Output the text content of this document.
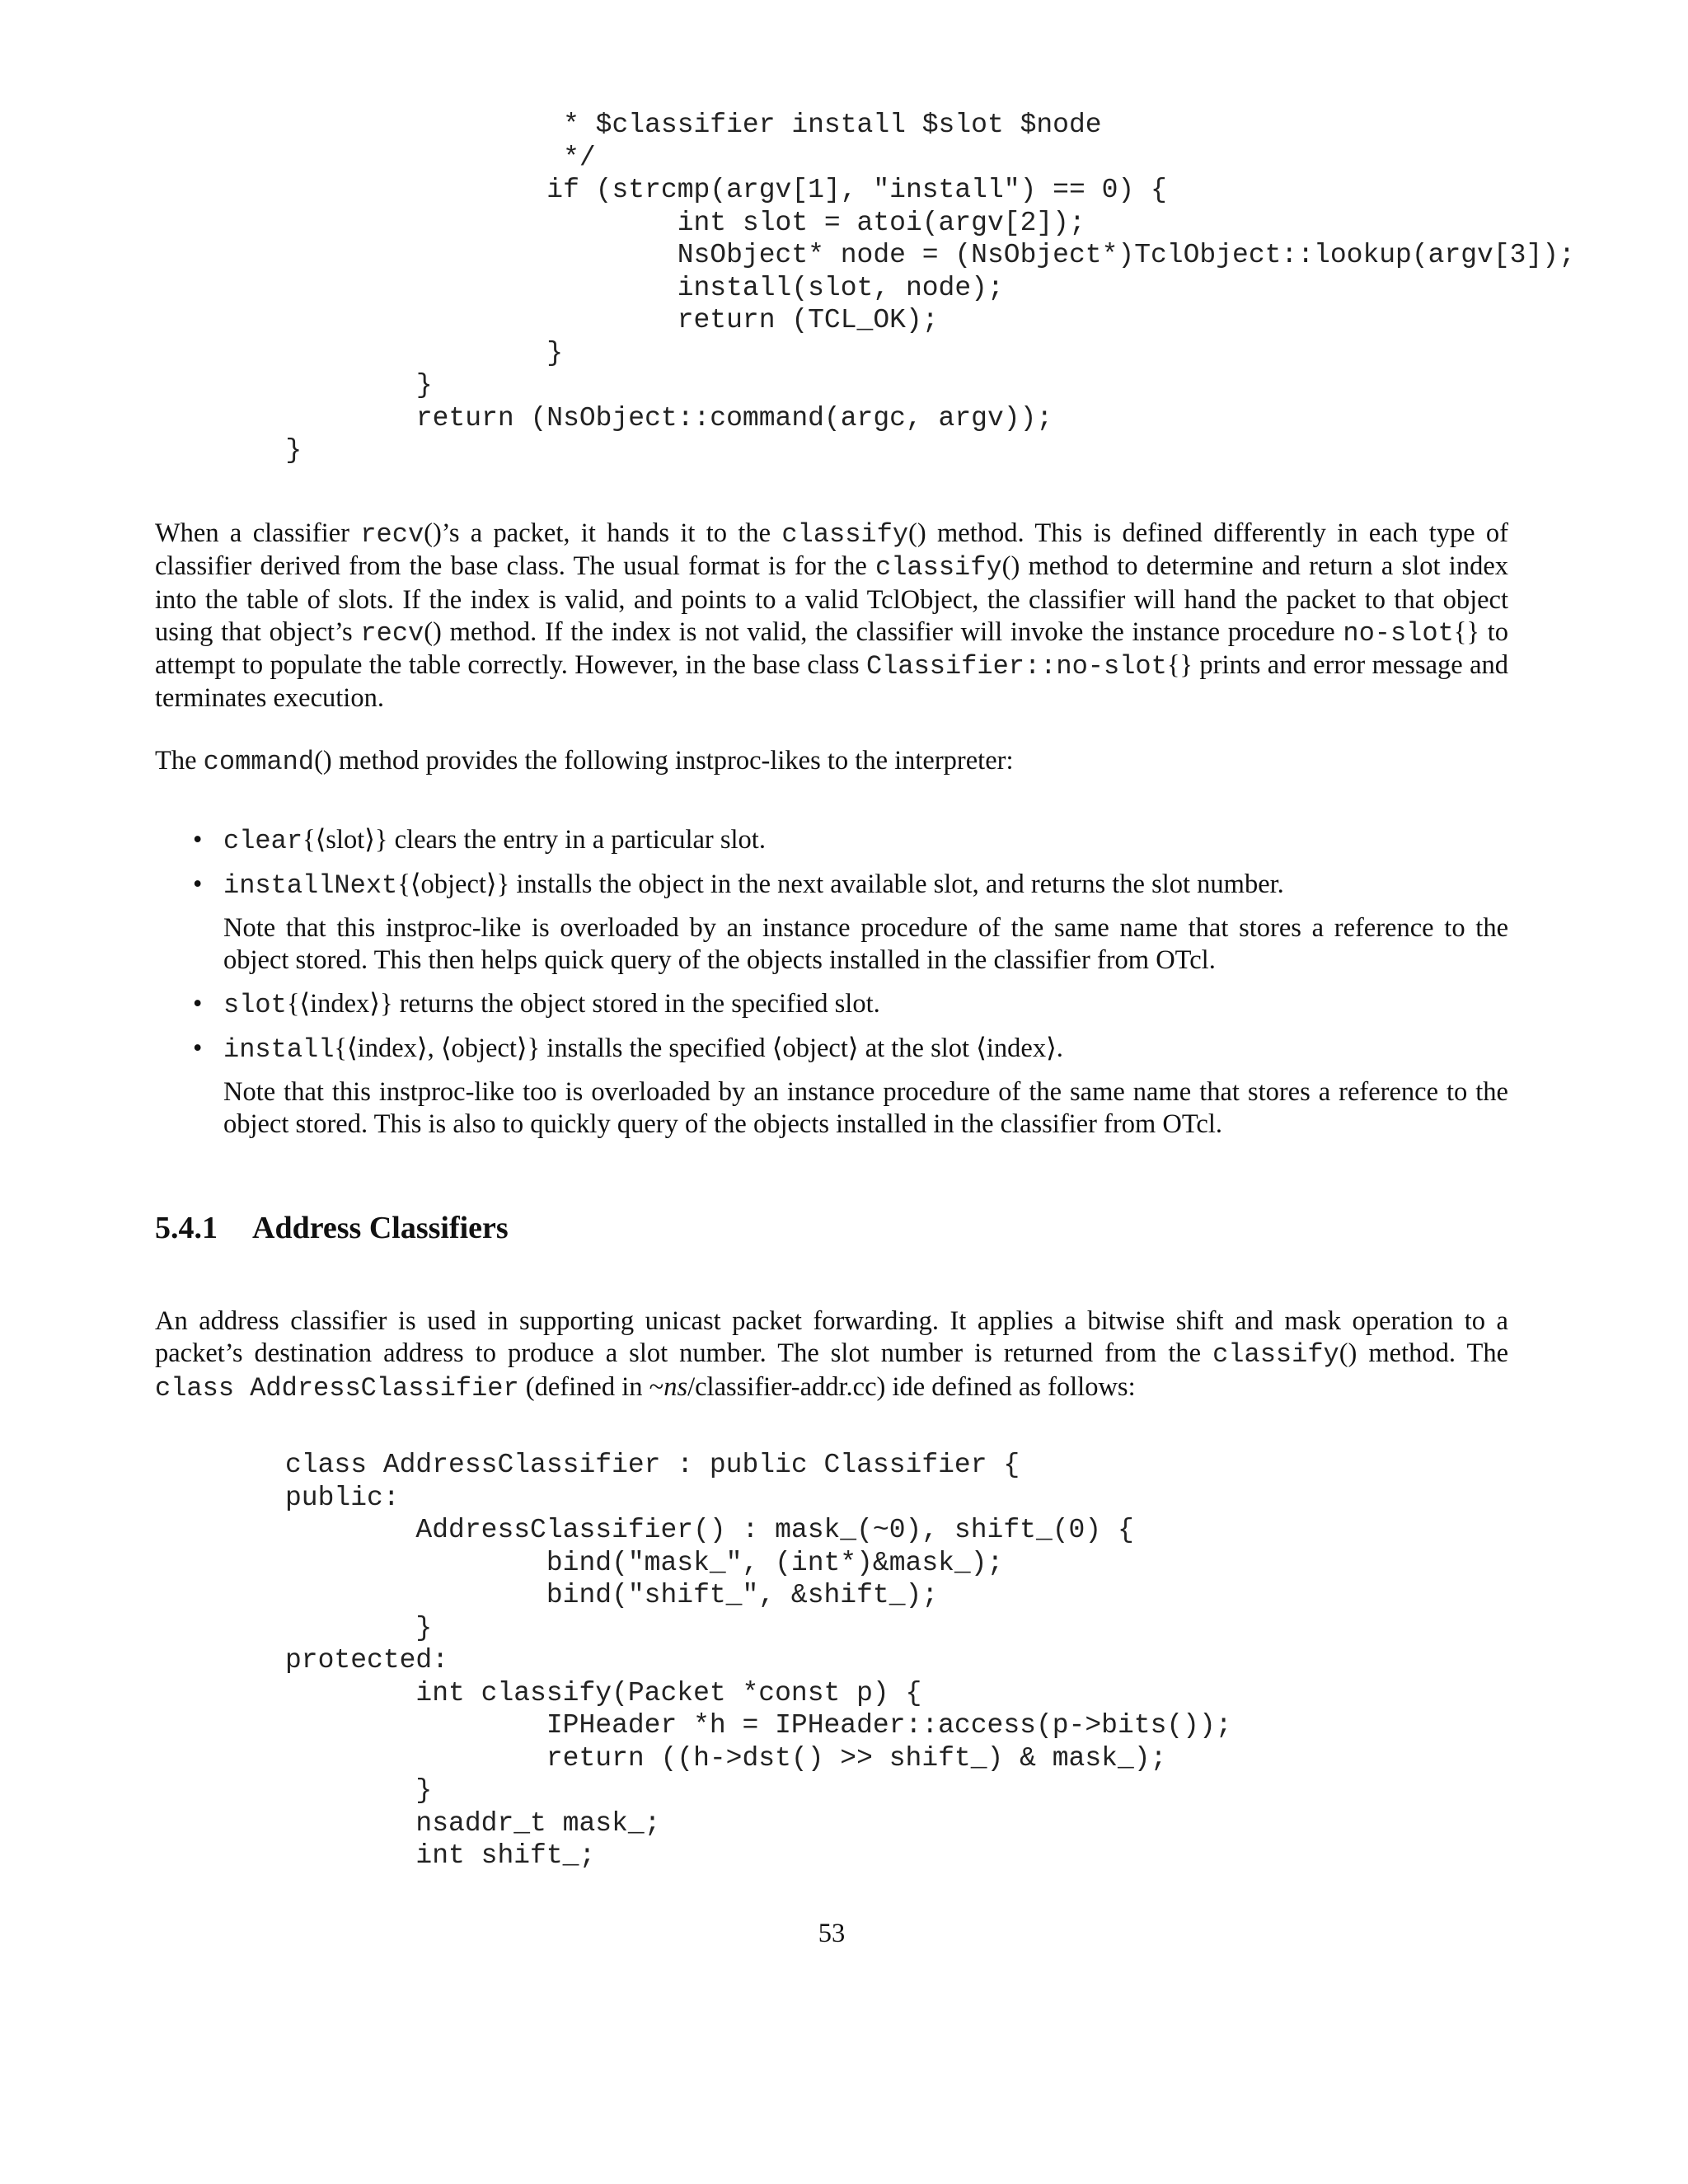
* $classifier install $slot $node
*/
if (strcmp(argv[1], "install") == 0) {
int slot = atoi(argv[2]);
NsObject* node = (NsObject*)TclObject::lookup(argv[3]);
install(slot, node);
return (TCL_OK);
}
}
return (NsObject::command(argc, argv));
}

When a classifier recv()’s a packet, it hands it to the classify() method. This is defined differently in each type of classifier derived from the base class. The usual format is for the classify() method to determine and return a slot index into the table of slots. If the index is valid, and points to a valid TclObject, the classifier will hand the packet to that object using that object’s recv() method. If the index is not valid, the classifier will invoke the instance procedure no-slot{} to attempt to populate the table correctly. However, in the base class Classifier::no-slot{} prints and error message and terminates execution.

The command() method provides the following instproc-likes to the interpreter:

• clear{⟨slot⟩} clears the entry in a particular slot.
• installNext{⟨object⟩} installs the object in the next available slot, and returns the slot number.
Note that this instproc-like is overloaded by an instance procedure of the same name that stores a reference to the object stored. This then helps quick query of the objects installed in the classifier from OTcl.
• slot{⟨index⟩} returns the object stored in the specified slot.
• install{⟨index⟩, ⟨object⟩} installs the specified ⟨object⟩ at the slot ⟨index⟩.
Note that this instproc-like too is overloaded by an instance procedure of the same name that stores a reference to the object stored. This is also to quickly query of the objects installed in the classifier from OTcl.
5.4.1 Address Classifiers

An address classifier is used in supporting unicast packet forwarding. It applies a bitwise shift and mask operation to a packet’s destination address to produce a slot number. The slot number is returned from the classify() method. The class AddressClassifier (defined in ~ns/classifier-addr.cc) ide defined as follows:

class AddressClassifier : public Classifier {
public:
AddressClassifier() : mask_(~0), shift_(0) {
bind("mask_", (int*)&mask_);
bind("shift_", &shift_);
}
protected:
int classify(Packet *const p) {
IPHeader *h = IPHeader::access(p->bits());
return ((h->dst() >> shift_) & mask_);
}
nsaddr_t mask_;
int shift_;
53
